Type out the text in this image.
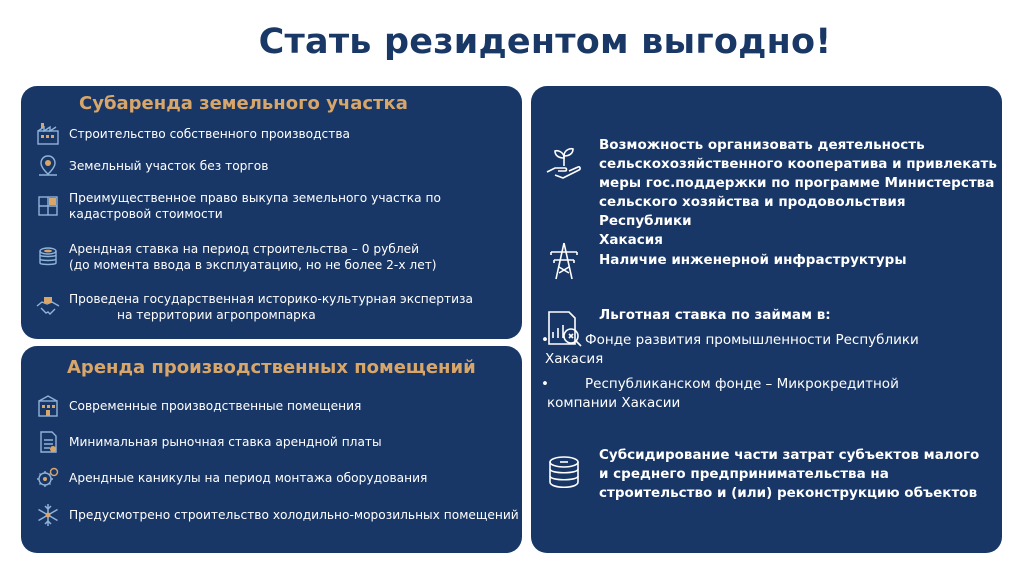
Стать резидентом выгодно!
Субаренда земельного участка
Строительство собственного производства
Земельный участок без торгов
Преимущественное право выкупа земельного участка по
кадастровой стоимости
Арендная ставка на период строительства – 0 рублей
(до момента ввода в эксплуатацию, но не более 2-х лет)
Проведена государственная историко-культурная экспертиза
на территории агропромпарка
Аренда производственных помещений
Современные производственные помещения
Минимальная рыночная ставка арендной платы
Арендные каникулы на период монтажа оборудования
Предусмотрено строительство холодильно-морозильных помещений
Возможность организовать деятельность
сельскохозяйственного кооператива и привлекать
меры гос.поддержки по программе Министерства
сельского хозяйства и продовольствия Республики
Хакасия
Наличие инженерной инфраструктуры
Льготная ставка по займам в:
•	Фонде развития промышленности Республики
Хакасия
•	Республиканском фонде – Микрокредитной
компании Хакасии
Субсидирование части затрат субъектов малого
и среднего предпринимательства на
строительство и (или) реконструкцию объектов
